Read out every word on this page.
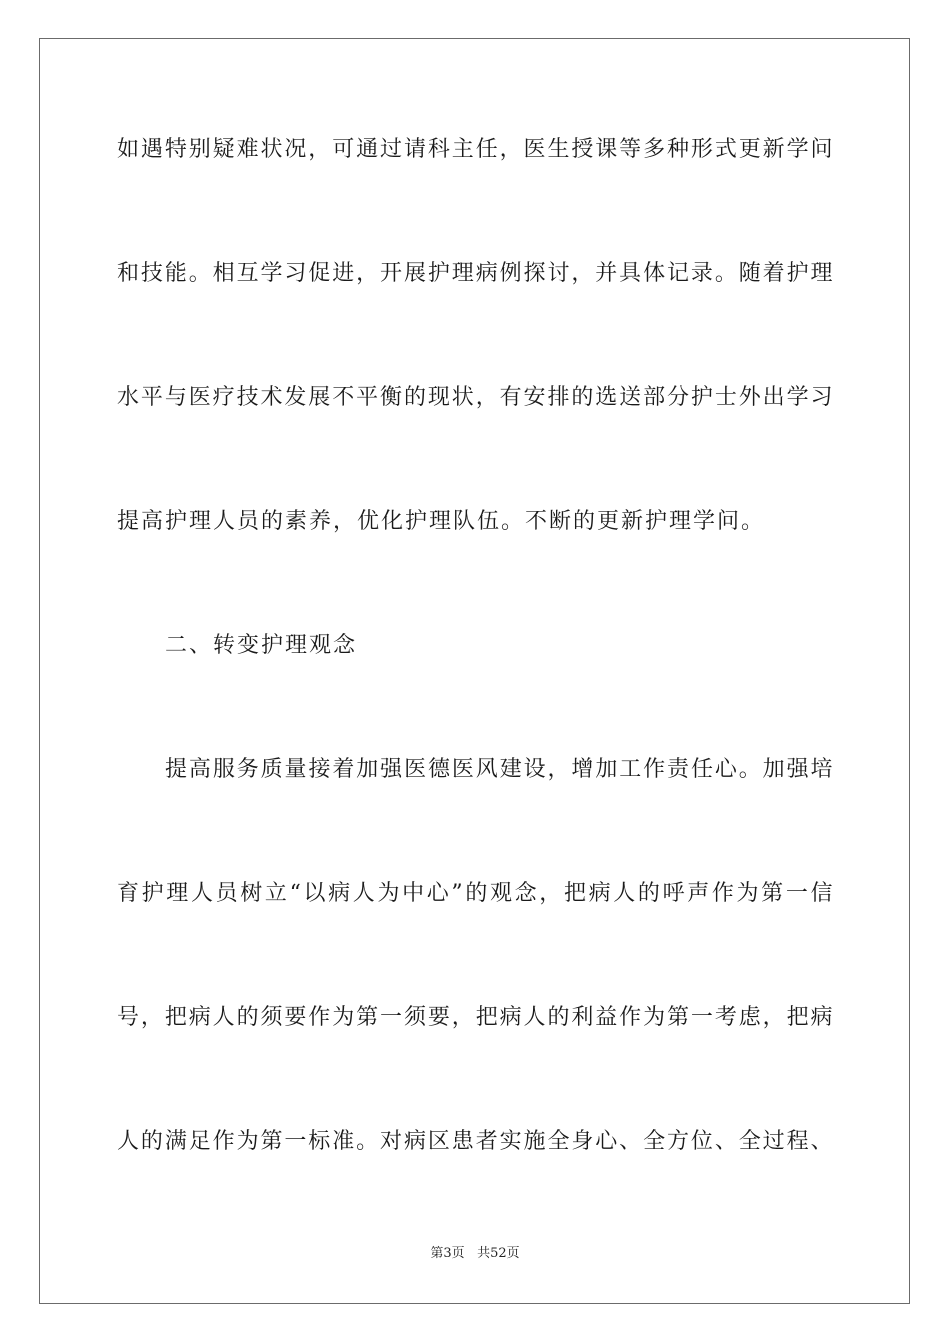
如遇特别疑难状况，可通过请科主任，医生授课等多种形式更新学问
和技能。相互学习促进，开展护理病例探讨，并具体记录。随着护理
水平与医疗技术发展不平衡的现状，有安排的选送部分护士外出学习
提高护理人员的素养，优化护理队伍。不断的更新护理学问。
二、转变护理观念
提高服务质量接着加强医德医风建设，增加工作责任心。加强培
育护理人员树立“以病人为中心”的观念，把病人的呼声作为第一信
号，把病人的须要作为第一须要，把病人的利益作为第一考虑，把病
人的满足作为第一标准。对病区患者实施全身心、全方位、全过程、
第3页 共52页
